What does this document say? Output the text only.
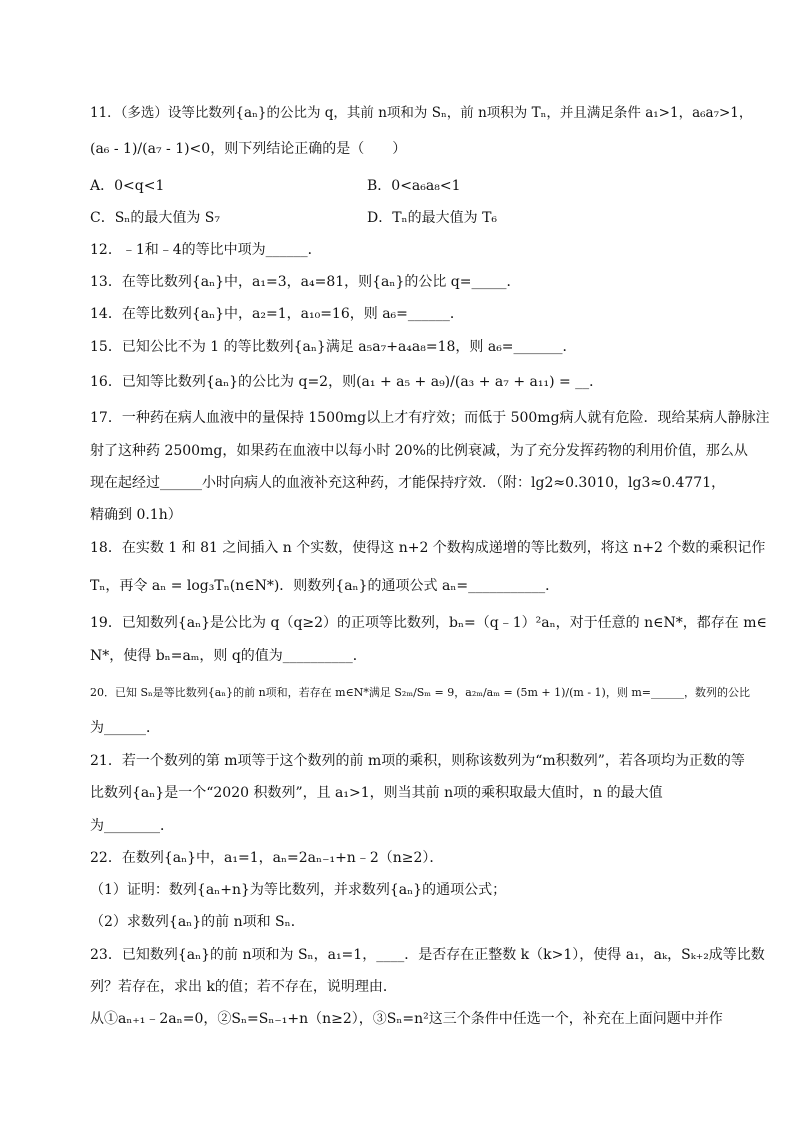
11．（多选）设等比数列{aₙ}的公比为 q，其前 n项和为 Sₙ，前 n项积为 Tₙ，并且满足条件 a₁>1，a₆a₇>1，
(a₆ - 1)/(a₇ - 1)<0，则下列结论正确的是（　　）
A．0<q<1	B．0<a₆a₈<1
C．Sₙ的最大值为 S₇	D．Tₙ的最大值为 T₆
12．﹣1和﹣4的等比中项为______．
13．在等比数列{aₙ}中，a₁=3，a₄=81，则{aₙ}的公比 q=_____．
14．在等比数列{aₙ}中，a₂=1，a₁₀=16，则 a₆=______．
15．已知公比不为 1 的等比数列{aₙ}满足 a₅a₇+a₄a₈=18，则 a₆=_______．
16．已知等比数列{aₙ}的公比为 q=2，则(a₁ + a₅ + a₉)/(a₃ + a₇ + a₁₁) = __．
17．一种药在病人血液中的量保持 1500mg以上才有疗效；而低于 500mg病人就有危险．现给某病人静脉注
射了这种药 2500mg，如果药在血液中以每小时 20%的比例衰减，为了充分发挥药物的利用价值，那么从
现在起经过______小时向病人的血液补充这种药，才能保持疗效．（附：lg2≈0.3010，lg3≈0.4771，
精确到 0.1h）
18．在实数 1 和 81 之间插入 n 个实数，使得这 n+2 个数构成递增的等比数列，将这 n+2 个数的乘积记作
Tₙ，再令 aₙ = log₃Tₙ(n∈N*)．则数列{aₙ}的通项公式 aₙ=___________．
19．已知数列{aₙ}是公比为 q（q≥2）的正项等比数列，bₙ=（q﹣1）²aₙ，对于任意的 n∈N*，都存在 m∈
N*，使得 bₙ=aₘ，则 q的值为__________．
20．已知 Sₙ是等比数列{aₙ}的前 n项和，若存在 m∈N*满足 S₂ₘ/Sₘ = 9，a₂ₘ/aₘ = (5m + 1)/(m - 1)，则 m=______，数列的公比
为______．
21．若一个数列的第 m项等于这个数列的前 m项的乘积，则称该数列为“m积数列”，若各项均为正数的等
比数列{aₙ}是一个“2020 积数列”，且 a₁>1，则当其前 n项的乘积取最大值时，n 的最大值
为________．
22．在数列{aₙ}中，a₁=1，aₙ=2aₙ₋₁+n﹣2（n≥2）．
（1）证明：数列{aₙ+n}为等比数列，并求数列{aₙ}的通项公式；
（2）求数列{aₙ}的前 n项和 Sₙ．
23．已知数列{aₙ}的前 n项和为 Sₙ，a₁=1，____．是否存在正整数 k（k>1），使得 a₁，aₖ，Sₖ₊₂成等比数
列？若存在，求出 k的值；若不存在，说明理由．
从①aₙ₊₁﹣2aₙ=0，②Sₙ=Sₙ₋₁+n（n≥2），③Sₙ=n²这三个条件中任选一个，补充在上面问题中并作
